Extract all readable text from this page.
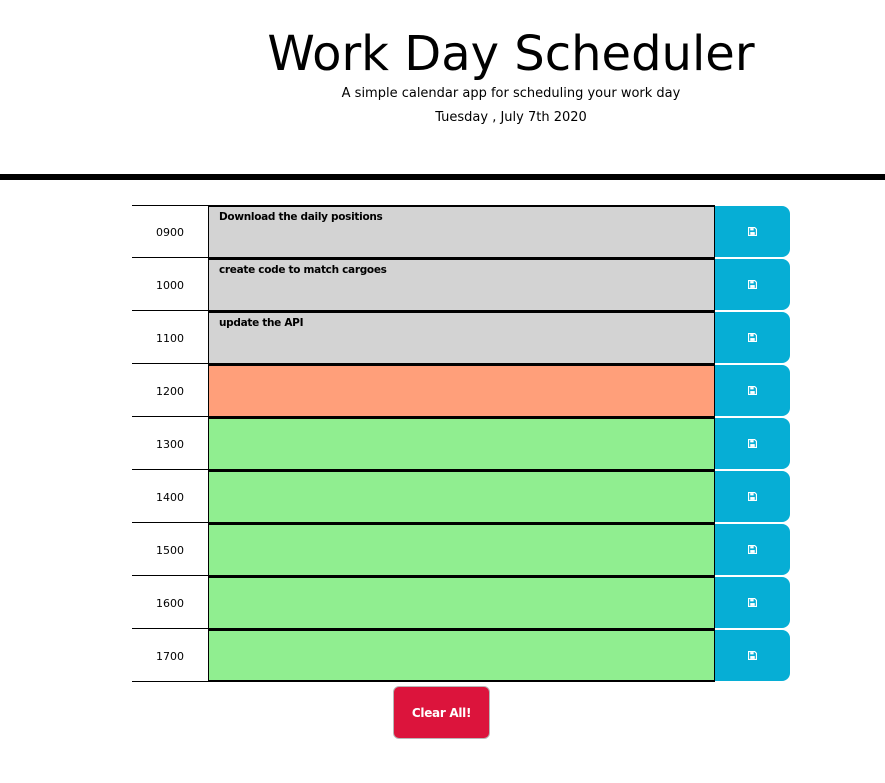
Work Day Scheduler

A simple calendar app for scheduling your work day

Tuesday , July 7th 2020

0900
Download the daily positions
1000
create code to match cargoes
1100
update the API
1200
1300
1400
1500
1600
1700
Clear All!
